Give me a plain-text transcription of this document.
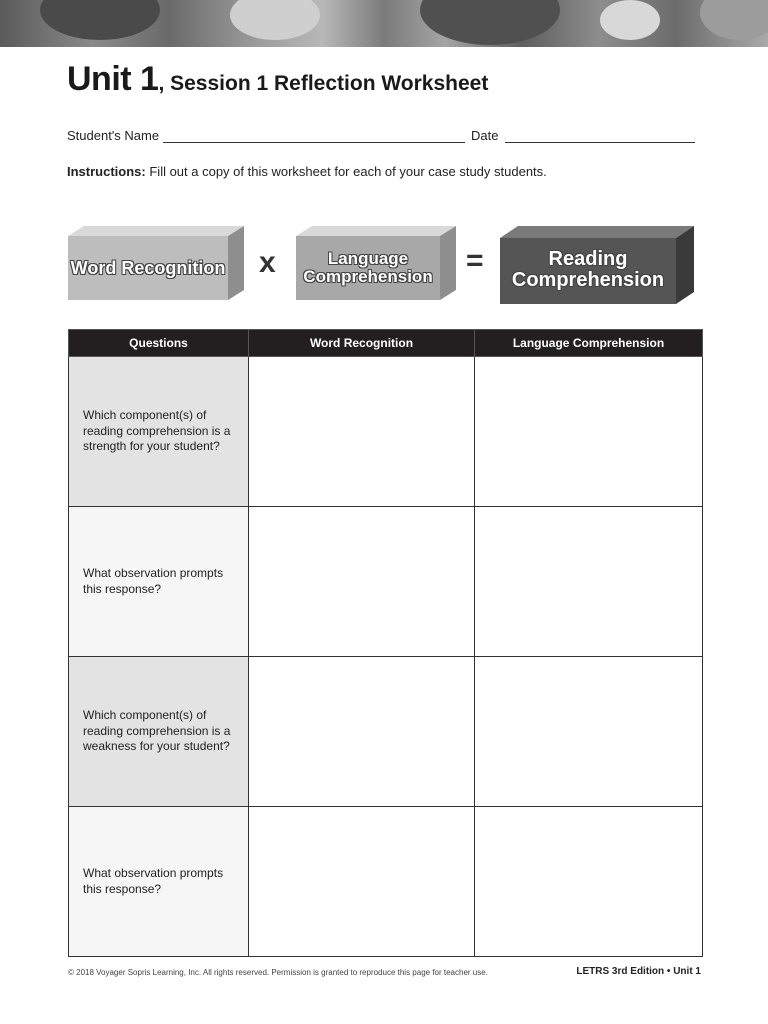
Unit 1, Session 1 Reflection Worksheet
Student's Name	Date
Instructions: Fill out a copy of this worksheet for each of your case study students.
Word Recognition x	Language Comprehension =	Reading Comprehension
Questions	Word Recognition	Language Comprehension
Which component(s) of reading comprehension is a strength for your student?		
What observation prompts this response?		
Which component(s) of reading comprehension is a weakness for your student?		
What observation prompts this response?		
© 2018 Voyager Sopris Learning, Inc. All rights reserved. Permission is granted to reproduce this page for teacher use.	LETRS 3rd Edition • Unit 1
